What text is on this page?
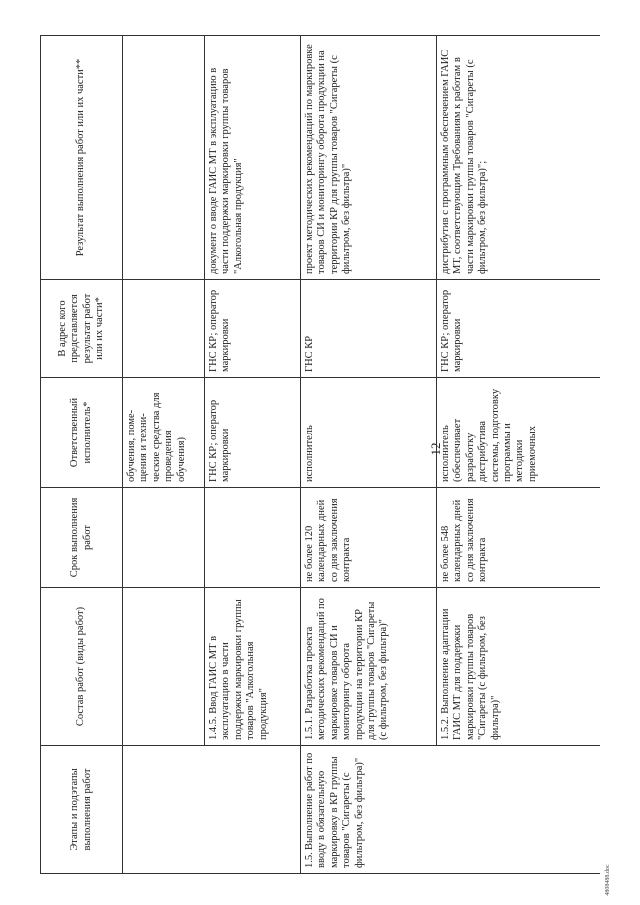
12
4808488.doc
Этапы и подэтапы выполнения работ	Состав работ (виды работ)	Срок выполнения работ	Ответственный исполнитель*	В адрес кого представляется результат работ или их части*	Результат выполнения работ или их части**
			обучения, поме-щения и техни-ческие средства для проведения обучения)		
	1.4.5. Ввод ГАИС МТ в эксплуатацию в части поддержки маркировки группы товаров "Алкогольная продукция"		ГНС КР; оператор маркировки	ГНС КР; оператор маркировки	документ о вводе ГАИС МТ в эксплуатацию в части поддержки маркировки группы товаров "Алкогольная продукция"
1.5.Выполнение работ по вводу в обязательную маркировку в КР группы товаров "Сигареты (с фильтром, без фильтра)"	1.5.1. Разработка проекта методических рекомендаций по маркировке товаров СИ и мониторингу оборота продукции на территории КР для группы товаров "Сигареты (с фильтром, без фильтра)"	не более 120 календарных дней со дня заключения контракта	исполнитель	ГНС КР	проект методических рекомендаций по маркировке товаров СИ и мониторингу оборота продукции на территории КР для группы товаров "Сигареты (с фильтром, без фильтра)"
	1.5.2. Выполнение адаптации ГАИС МТ для поддержки маркировки группы товаров "Сигареты (с фильтром, без фильтра)"	не более 548 календарных дней со дня заключения контракта	исполнитель (обеспечивает разработку дистрибутива системы, подготовку программы и методики приемочных	ГНС КР; оператор маркировки	дистрибутив с программным обеспечением ГАИС МТ, соответствующим Требованиям к работам в части маркировки группы товаров "Сигареты (с фильтром, без фильтра)";
